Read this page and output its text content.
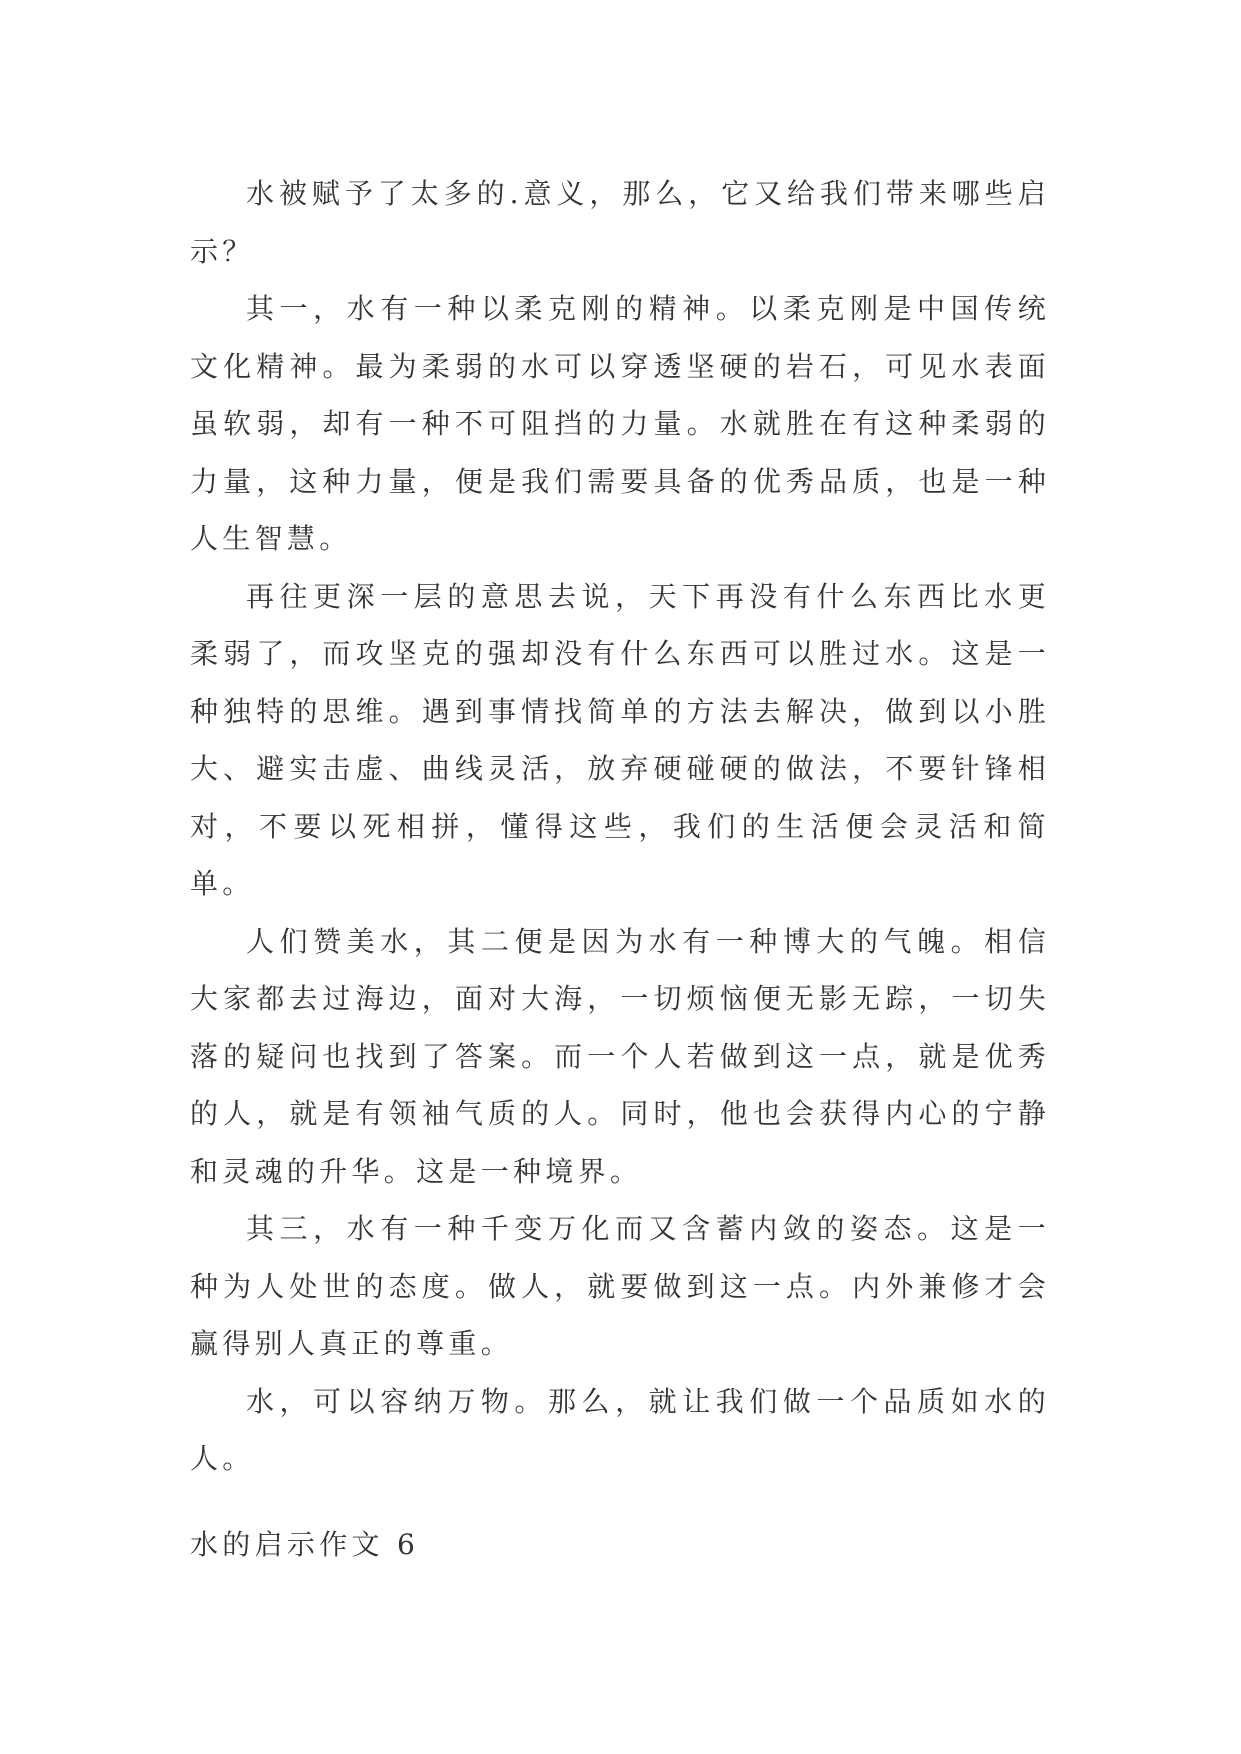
水被赋予了太多的.意义，那么，它又给我们带来哪些启示？

其一，水有一种以柔克刚的精神。以柔克刚是中国传统文化精神。最为柔弱的水可以穿透坚硬的岩石，可见水表面虽软弱，却有一种不可阻挡的力量。水就胜在有这种柔弱的力量，这种力量，便是我们需要具备的优秀品质，也是一种人生智慧。

再往更深一层的意思去说，天下再没有什么东西比水更柔弱了，而攻坚克的强却没有什么东西可以胜过水。这是一种独特的思维。遇到事情找简单的方法去解决，做到以小胜大、避实击虚、曲线灵活，放弃硬碰硬的做法，不要针锋相对，不要以死相拼，懂得这些，我们的生活便会灵活和简单。

人们赞美水，其二便是因为水有一种博大的气魄。相信大家都去过海边，面对大海，一切烦恼便无影无踪，一切失落的疑问也找到了答案。而一个人若做到这一点，就是优秀的人，就是有领袖气质的人。同时，他也会获得内心的宁静和灵魂的升华。这是一种境界。

其三，水有一种千变万化而又含蓄内敛的姿态。这是一种为人处世的态度。做人，就要做到这一点。内外兼修才会赢得别人真正的尊重。

水，可以容纳万物。那么，就让我们做一个品质如水的人。

水的启示作文 6
